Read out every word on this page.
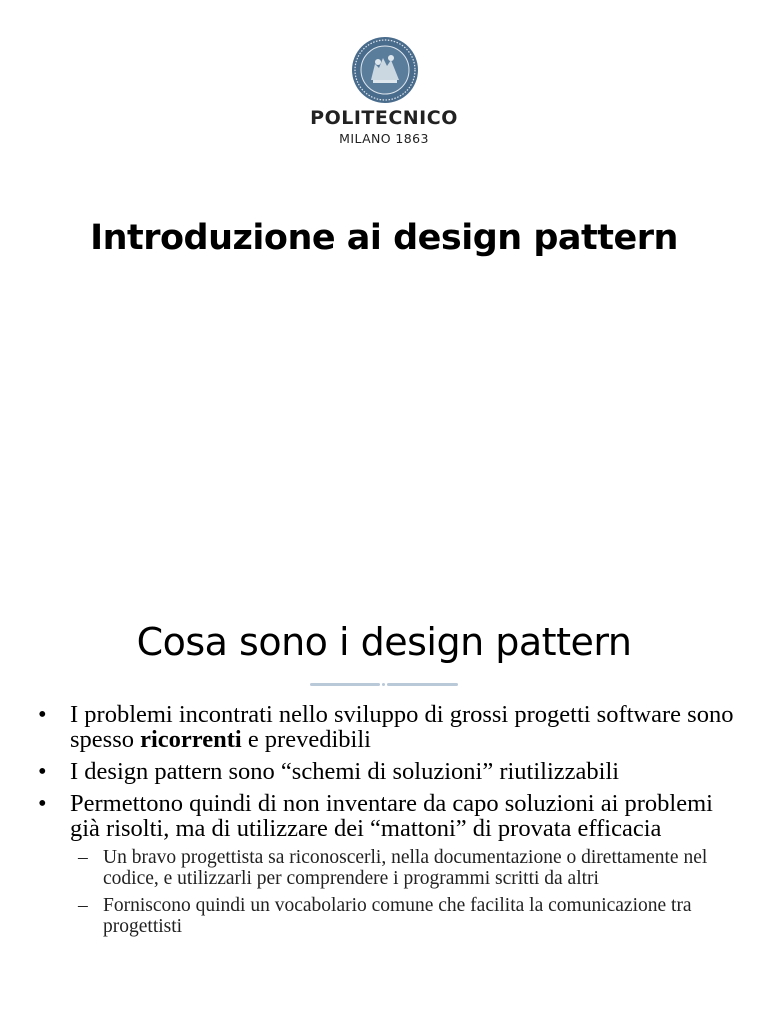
POLITECNICO
MILANO 1863
Introduzione ai design pattern
Cosa sono i design pattern
• I problemi incontrati nello sviluppo di grossi progetti software sono spesso ricorrenti e prevedibili
• I design pattern sono “schemi di soluzioni” riutilizzabili
• Permettono quindi di non inventare da capo soluzioni ai problemi già risolti, ma di utilizzare dei “mattoni” di provata efficacia
– Un bravo progettista sa riconoscerli, nella documentazione o direttamente nel codice, e utilizzarli per comprendere i programmi scritti da altri
– Forniscono quindi un vocabolario comune che facilita la comunicazione tra progettisti
